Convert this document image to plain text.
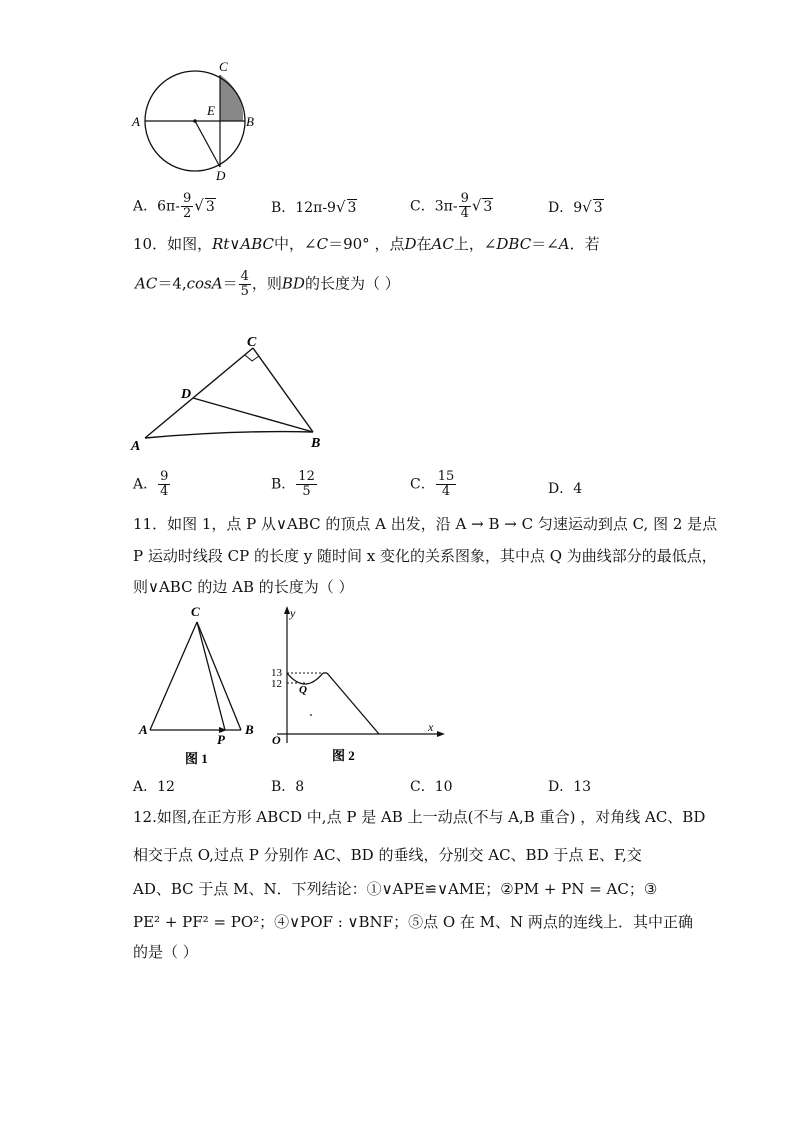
C
A
E
B
D
A．$6\pi- \frac{9}{2}$ √ 3	B．12π-9√ 3	C．$3\pi- \frac{9}{4}$ √ 3	D．9√ 3
10．如图，Rt∨ABC中，∠C＝90° ，点D在AC上，∠DBC＝∠A．若
$AC=4,\cos A= \frac{4}{5}$ ，则BD的长度为（ ）
C
D
A	B
A． $\frac{9}{4}$	B． $\frac{12}{5}$	C． $\frac{15}{4}$	D．4
11．如图 1，点 P 从∨ABC 的顶点 A 出发，沿 A → B → C 匀速运动到点 C, 图 2 是点
P 运动时线段 CP 的长度 y 随时间 x 变化的关系图象，其中点 Q 为曲线部分的最低点，
则∨ABC 的边 AB 的长度为（ ）
C
A	B
P
图 1
y
x
O
13
12 Q
图 2
A．12	B．8	C．10	D．13
12.如图,在正方形 ABCD 中,点 P 是 AB 上一动点(不与 A,B 重合) ，对角线 AC、BD
相交于点 O,过点 P 分别作 AC、BD 的垂线，分别交 AC、BD 于点 E、F,交
AD、BC 于点 M、N．下列结论：①∨APE≌∨AME；②PM + PN = AC；③
PE² + PF² = PO²；④∨POF : ∨BNF；⑤点 O 在 M、N 两点的连线上．其中正确
的是（ ）
